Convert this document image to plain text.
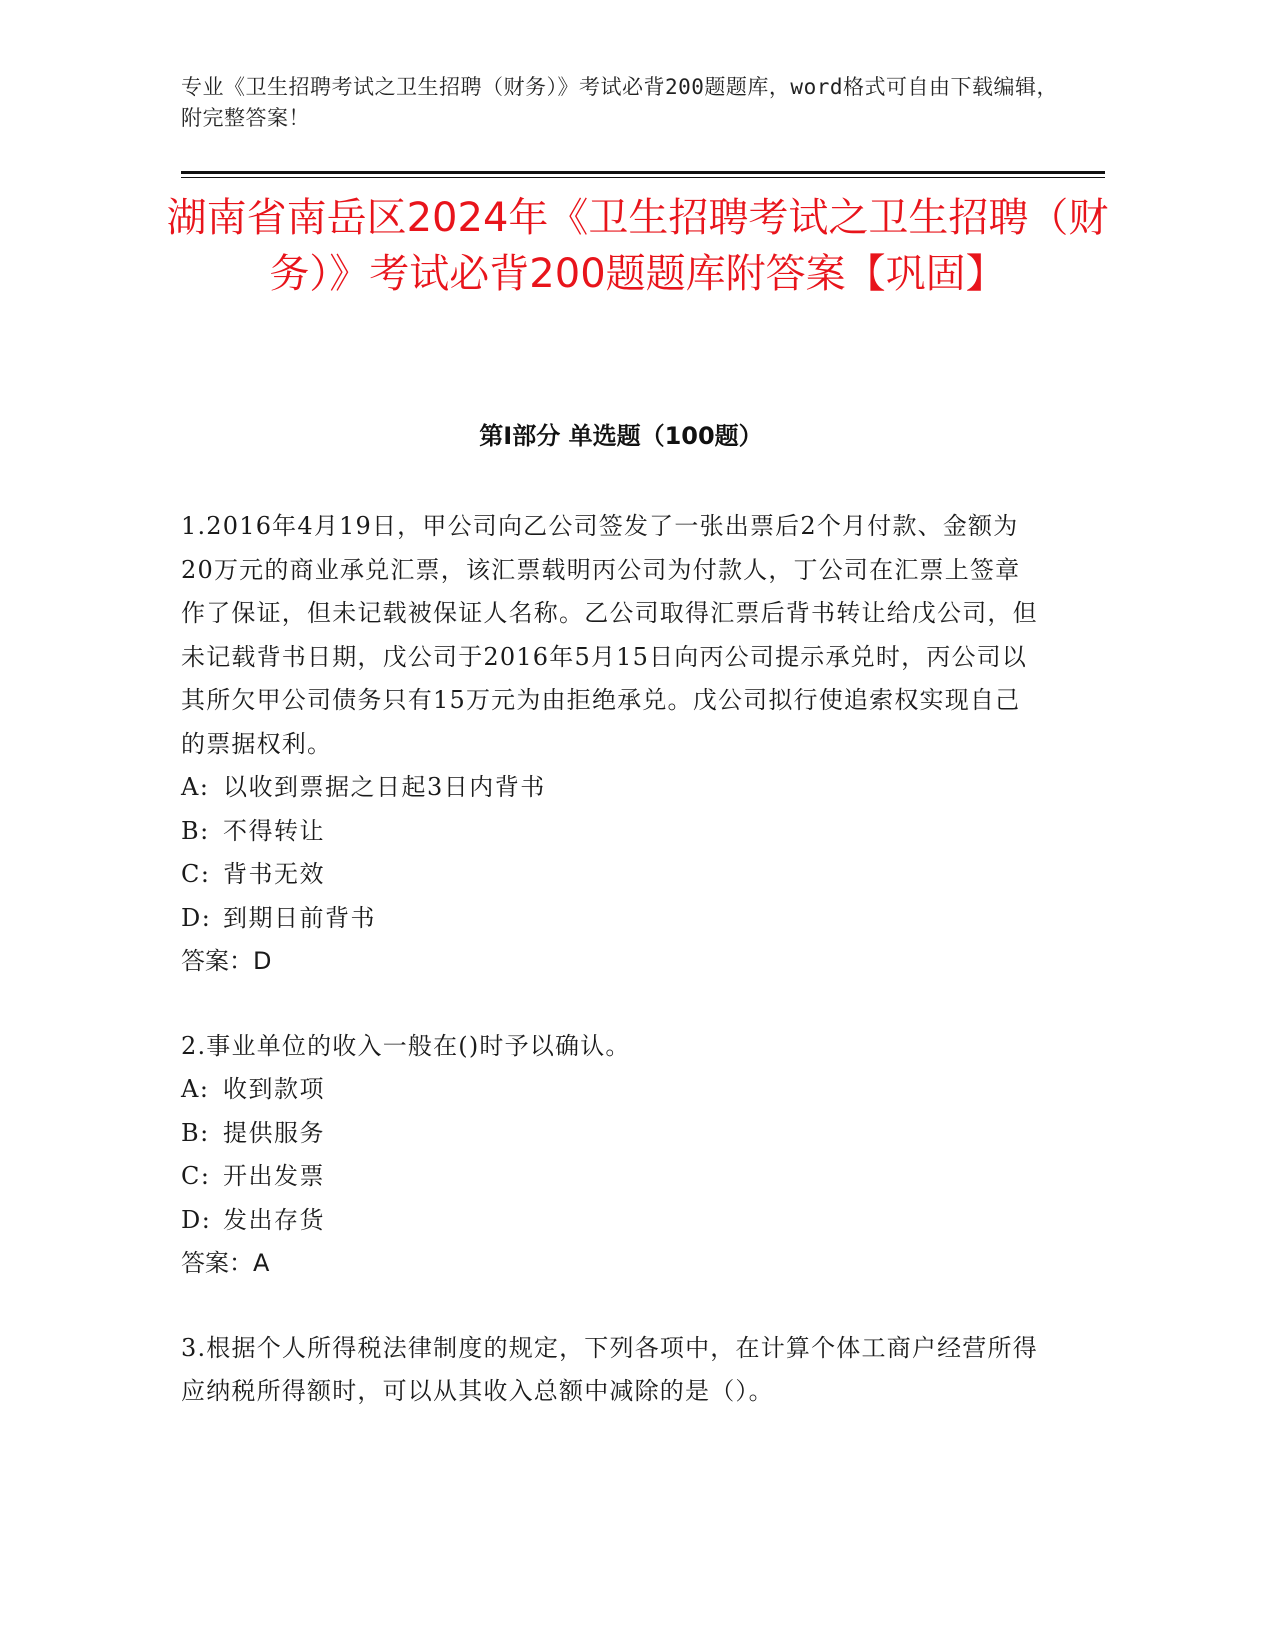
专业《卫生招聘考试之卫生招聘（财务）》考试必背200题题库，word格式可自由下载编辑，附完整答案！
湖南省南岳区2024年《卫生招聘考试之卫生招聘（财务）》考试必背200题题库附答案【巩固】
第I部分 单选题（100题）

1.2016年4月19日，甲公司向乙公司签发了一张出票后2个月付款、金额为20万元的商业承兑汇票，该汇票载明丙公司为付款人，丁公司在汇票上签章作了保证，但未记载被保证人名称。乙公司取得汇票后背书转让给戊公司，但未记载背书日期，戊公司于2016年5月15日向丙公司提示承兑时，丙公司以其所欠甲公司债务只有15万元为由拒绝承兑。戊公司拟行使追索权实现自己的票据权利。

A: 以收到票据之日起3日内背书

B: 不得转让

C: 背书无效

D: 到期日前背书

答案：D

2.事业单位的收入一般在()时予以确认。

A: 收到款项

B: 提供服务

C: 开出发票

D: 发出存货

答案：A

3.根据个人所得税法律制度的规定，下列各项中，在计算个体工商户经营所得应纳税所得额时，可以从其收入总额中减除的是（）。
